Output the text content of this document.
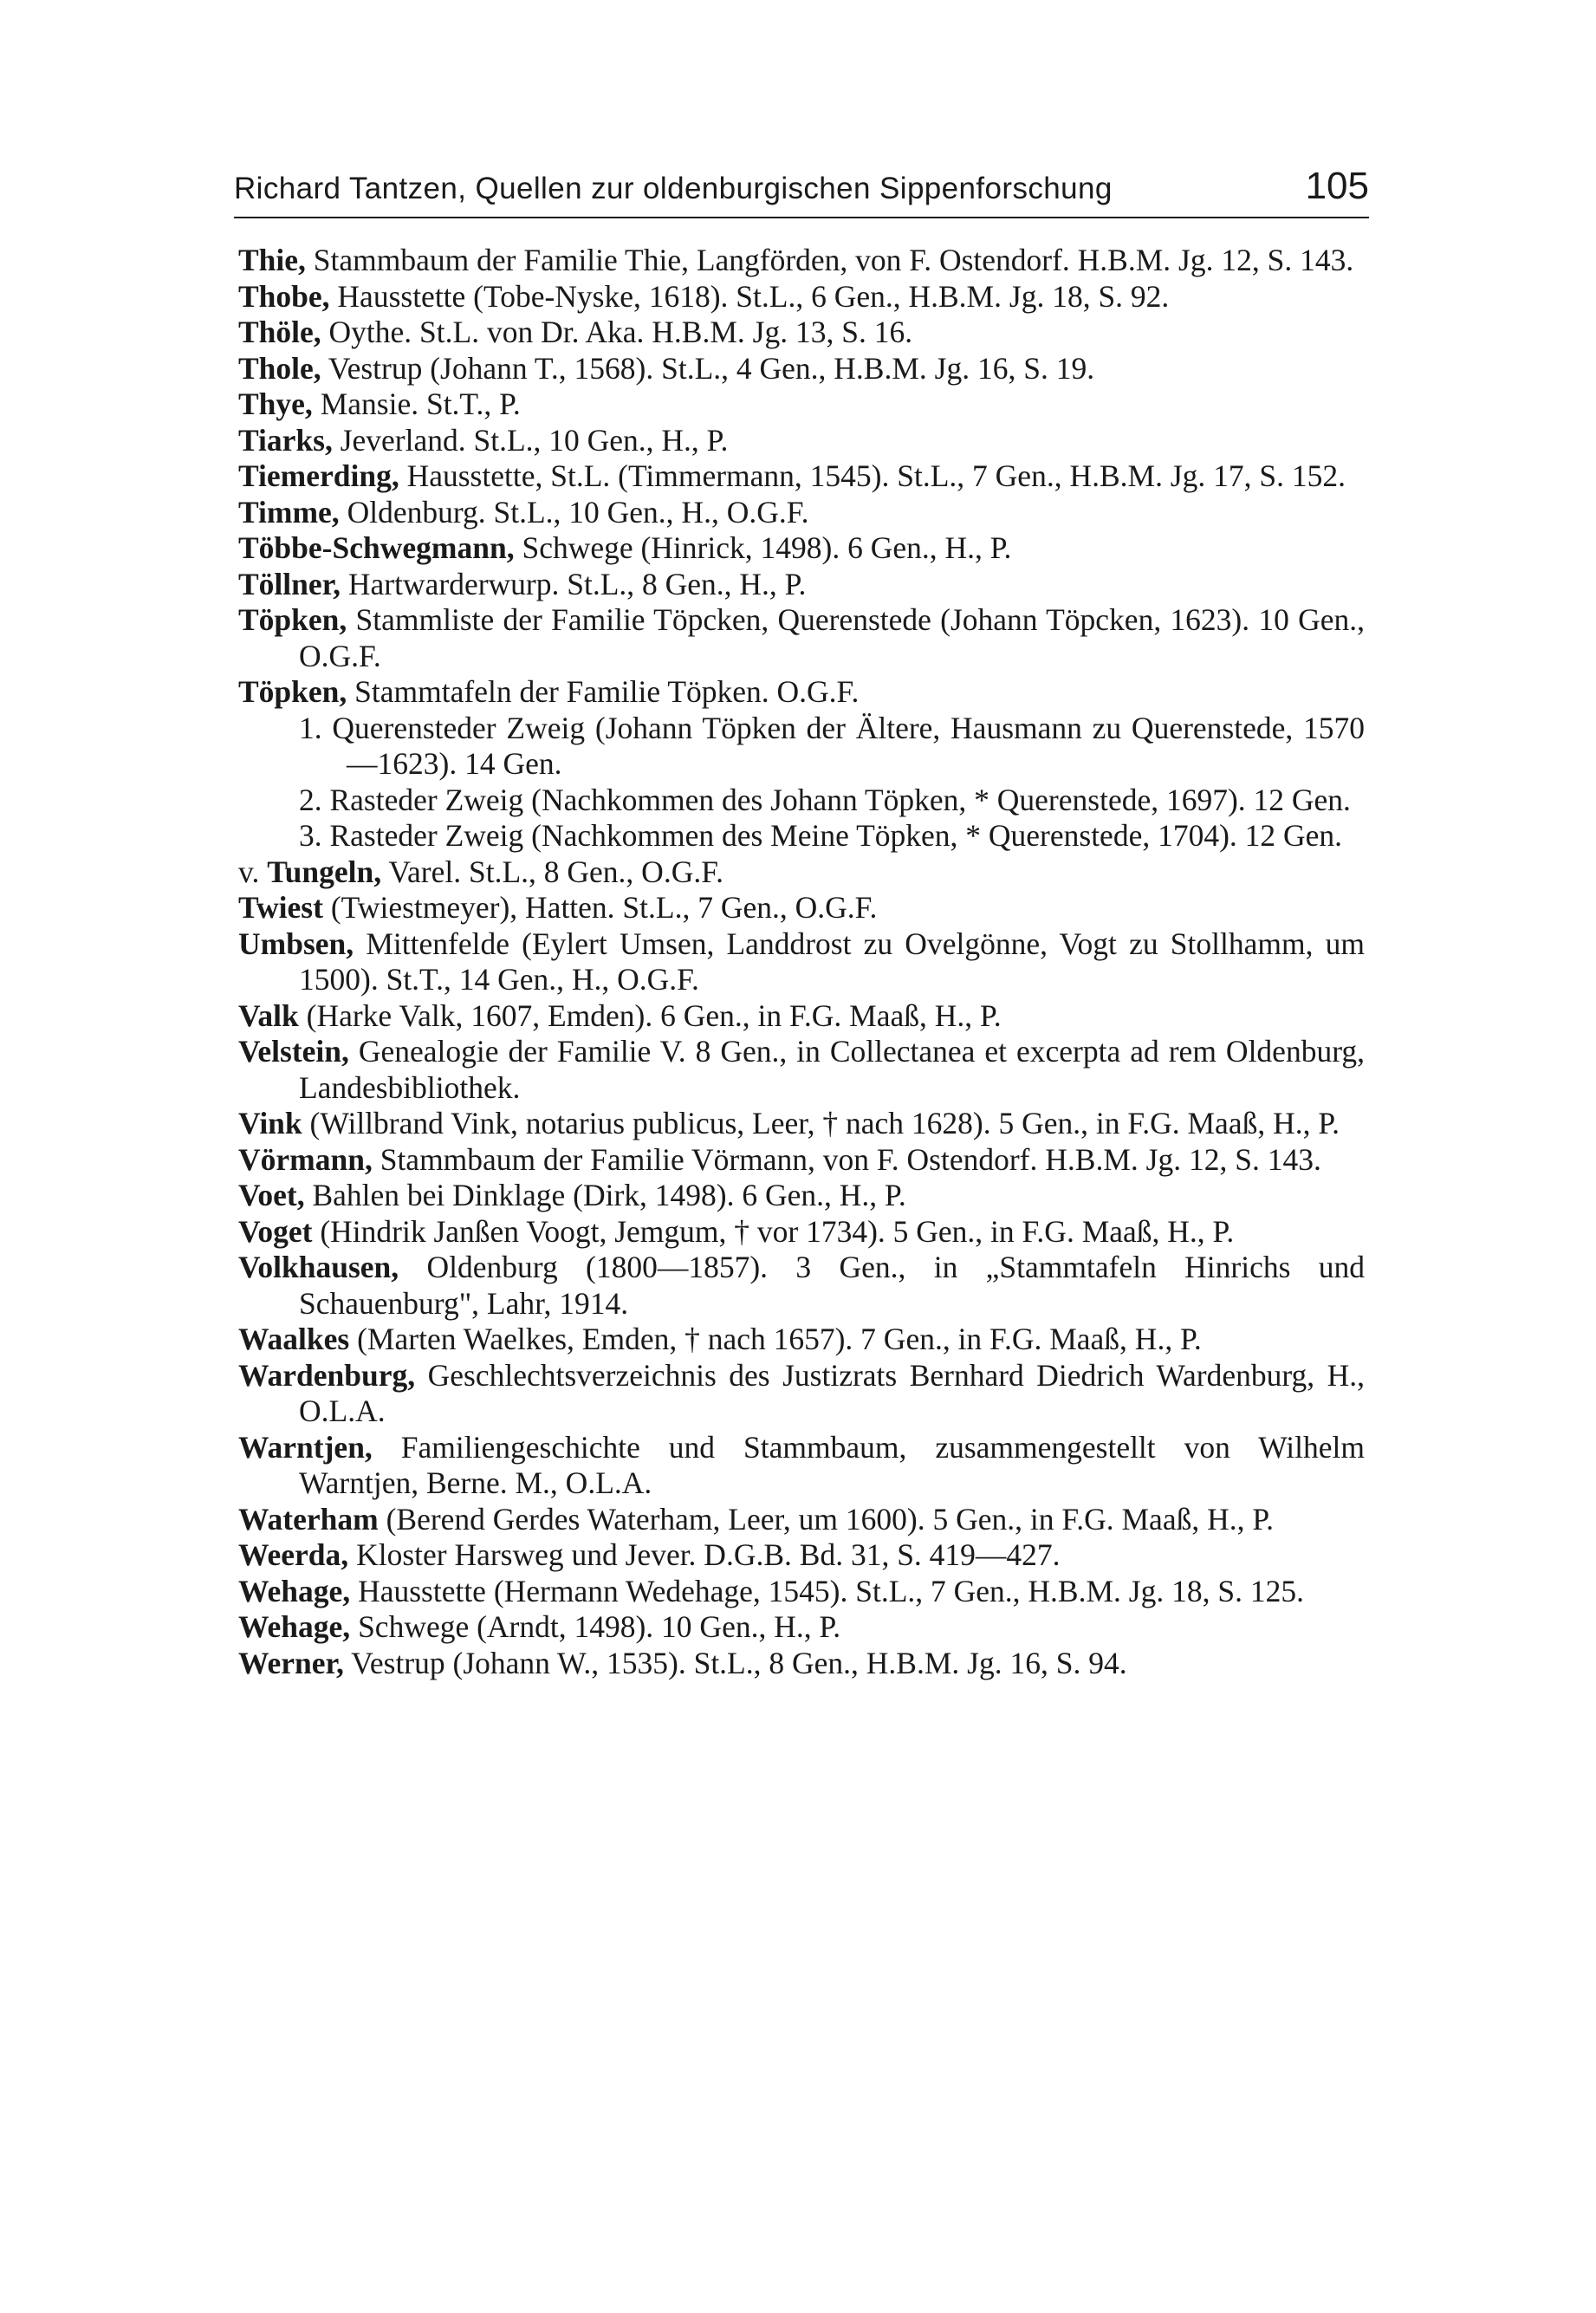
Richard Tantzen, Quellen zur oldenburgischen Sippenforschung	105
Thie, Stammbaum der Familie Thie, Langförden, von F. Ostendorf. H.B.M. Jg. 12, S. 143.
Thobe, Hausstette (Tobe-Nyske, 1618). St.L., 6 Gen., H.B.M. Jg. 18, S. 92.
Thöle, Oythe. St.L. von Dr. Aka. H.B.M. Jg. 13, S. 16.
Thole, Vestrup (Johann T., 1568). St.L., 4 Gen., H.B.M. Jg. 16, S. 19.
Thye, Mansie. St.T., P.
Tiarks, Jeverland. St.L., 10 Gen., H., P.
Tiemerding, Hausstette, St.L. (Timmermann, 1545). St.L., 7 Gen., H.B.M. Jg. 17, S. 152.
Timme, Oldenburg. St.L., 10 Gen., H., O.G.F.
Többe-Schwegmann, Schwege (Hinrick, 1498). 6 Gen., H., P.
Töllner, Hartwarderwurp. St.L., 8 Gen., H., P.
Töpken, Stammliste der Familie Töpcken, Querenstede (Johann Töpcken, 1623). 10 Gen., O.G.F.
Töpken, Stammtafeln der Familie Töpken. O.G.F.
1. Querensteder Zweig (Johann Töpken der Ältere, Hausmann zu Querenstede, 1570—1623). 14 Gen.
2. Rasteder Zweig (Nachkommen des Johann Töpken, * Querenstede, 1697). 12 Gen.
3. Rasteder Zweig (Nachkommen des Meine Töpken, * Querenstede, 1704). 12 Gen.
v. Tungeln, Varel. St.L., 8 Gen., O.G.F.
Twiest (Twiestmeyer), Hatten. St.L., 7 Gen., O.G.F.
Umbsen, Mittenfelde (Eylert Umsen, Landdrost zu Ovelgönne, Vogt zu Stollhamm, um 1500). St.T., 14 Gen., H., O.G.F.
Valk (Harke Valk, 1607, Emden). 6 Gen., in F.G. Maaß, H., P.
Velstein, Genealogie der Familie V. 8 Gen., in Collectanea et excerpta ad rem Oldenburg, Landesbibliothek.
Vink (Willbrand Vink, notarius publicus, Leer, † nach 1628). 5 Gen., in F.G. Maaß, H., P.
Vörmann, Stammbaum der Familie Vörmann, von F. Ostendorf. H.B.M. Jg. 12, S. 143.
Voet, Bahlen bei Dinklage (Dirk, 1498). 6 Gen., H., P.
Voget (Hindrik Janßen Voogt, Jemgum, † vor 1734). 5 Gen., in F.G. Maaß, H., P.
Volkhausen, Oldenburg (1800—1857). 3 Gen., in „Stammtafeln Hinrichs und Schauenburg", Lahr, 1914.
Waalkes (Marten Waelkes, Emden, † nach 1657). 7 Gen., in F.G. Maaß, H., P.
Wardenburg, Geschlechtsverzeichnis des Justizrats Bernhard Diedrich Wardenburg, H., O.L.A.
Warntjen, Familiengeschichte und Stammbaum, zusammengestellt von Wilhelm Warntjen, Berne. M., O.L.A.
Waterham (Berend Gerdes Waterham, Leer, um 1600). 5 Gen., in F.G. Maaß, H., P.
Weerda, Kloster Harsweg und Jever. D.G.B. Bd. 31, S. 419—427.
Wehage, Hausstette (Hermann Wedehage, 1545). St.L., 7 Gen., H.B.M. Jg. 18, S. 125.
Wehage, Schwege (Arndt, 1498). 10 Gen., H., P.
Werner, Vestrup (Johann W., 1535). St.L., 8 Gen., H.B.M. Jg. 16, S. 94.
